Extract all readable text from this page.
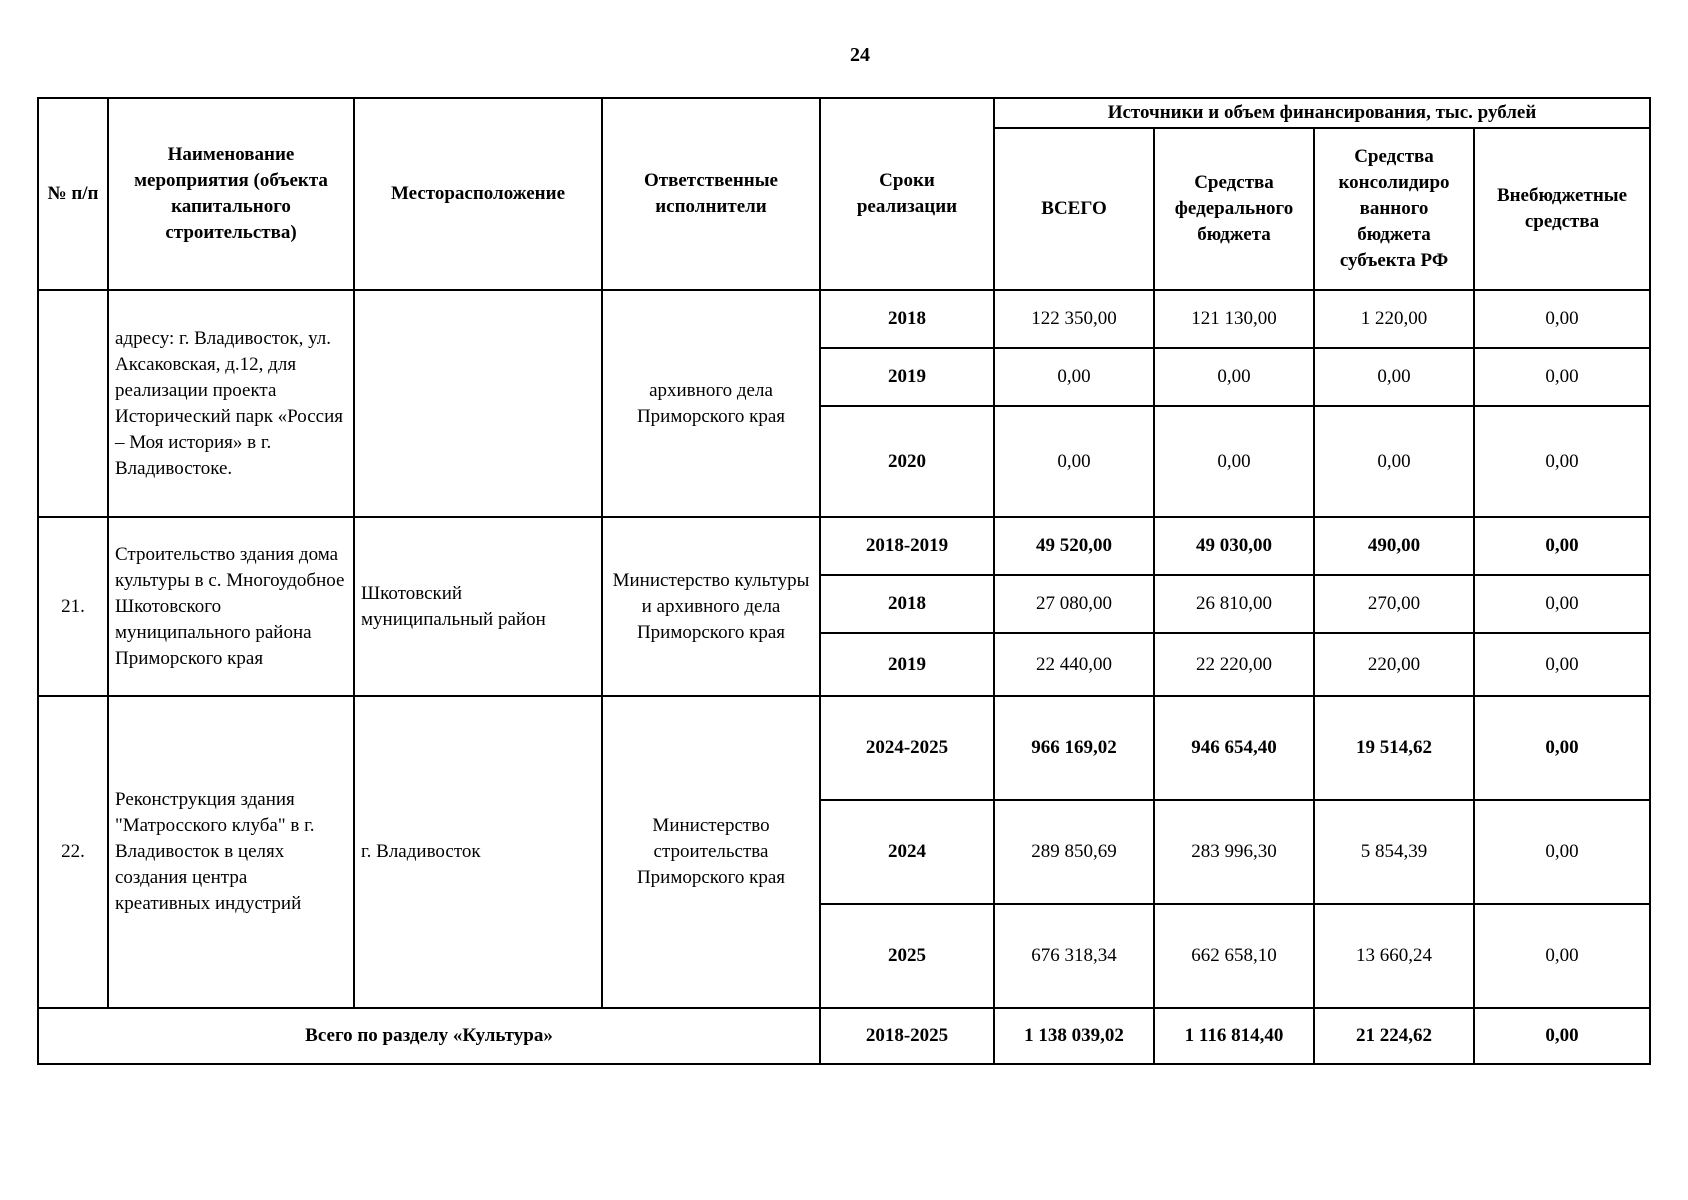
24
№ п/п	Наименование мероприятия (объекта капитального строительства)	Месторасположение	Ответственные исполнители	Сроки реализации	Источники и объем финансирования, тыс. рублей			
					ВСЕГО	Средства федерального бюджета	Средства консолидиро ванного бюджета субъекта РФ	Внебюджетные средства
	адресу: г. Владивосток, ул. Аксаковская, д.12, для реализации проекта Исторический парк «Россия – Моя история» в г. Владивостоке.		архивного дела Приморского края	2018	122 350,00	121 130,00	1 220,00	0,00
				2019	0,00	0,00	0,00	0,00
				2020	0,00	0,00	0,00	0,00
21.	Строительство здания дома культуры в с. Многоудобное Шкотовского муниципального района Приморского края	Шкотовский муниципальный район	Министерство культуры и архивного дела Приморского края	2018-2019	49 520,00	49 030,00	490,00	0,00
				2018	27 080,00	26 810,00	270,00	0,00
				2019	22 440,00	22 220,00	220,00	0,00
22.	Реконструкция здания "Матросского клуба" в г. Владивосток в целях создания центра креативных индустрий	г. Владивосток	Министерство строительства Приморского края	2024-2025	966 169,02	946 654,40	19 514,62	0,00
				2024	289 850,69	283 996,30	5 854,39	0,00
				2025	676 318,34	662 658,10	13 660,24	0,00
Всего по разделу «Культура»				2018-2025	1 138 039,02	1 116 814,40	21 224,62	0,00
